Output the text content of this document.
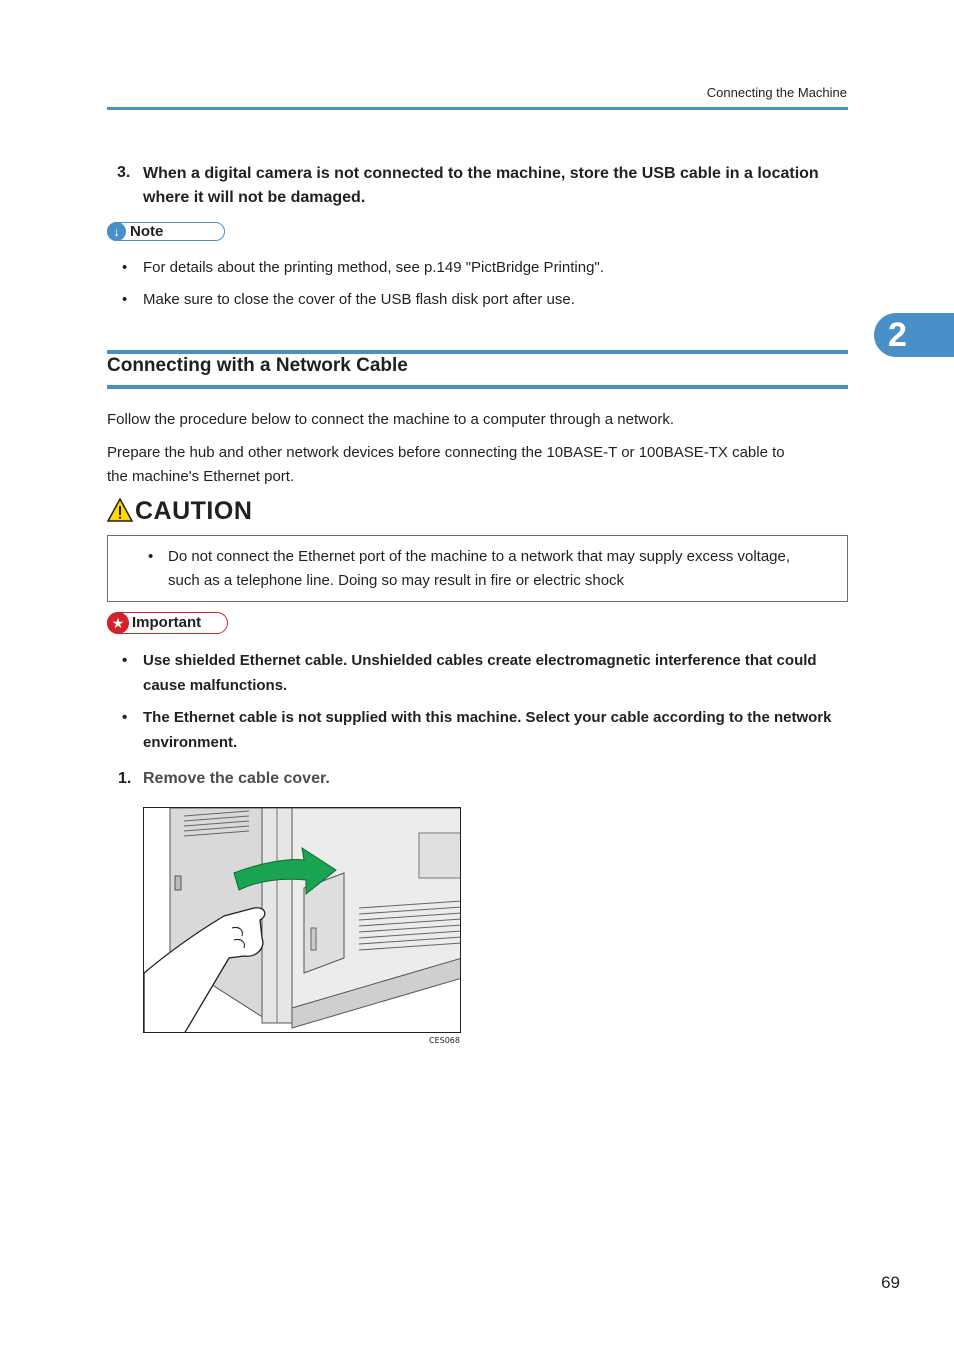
Connecting the Machine
2
3. When a digital camera is not connected to the machine, store the USB cable in a location
where it will not be damaged.
↓ Note
• For details about the printing method, see p.149 "PictBridge Printing".
• Make sure to close the cover of the USB flash disk port after use.
Connecting with a Network Cable
Follow the procedure below to connect the machine to a computer through a network.
Prepare the hub and other network devices before connecting the 10BASE-T or 100BASE-TX cable to
the machine's Ethernet port.
CAUTION
• Do not connect the Ethernet port of the machine to a network that may supply excess voltage,
such as a telephone line. Doing so may result in fire or electric shock
★ Important
• Use shielded Ethernet cable. Unshielded cables create electromagnetic interference that could
cause malfunctions.
• The Ethernet cable is not supplied with this machine. Select your cable according to the network
environment.
1. Remove the cable cover.
CES068
69
